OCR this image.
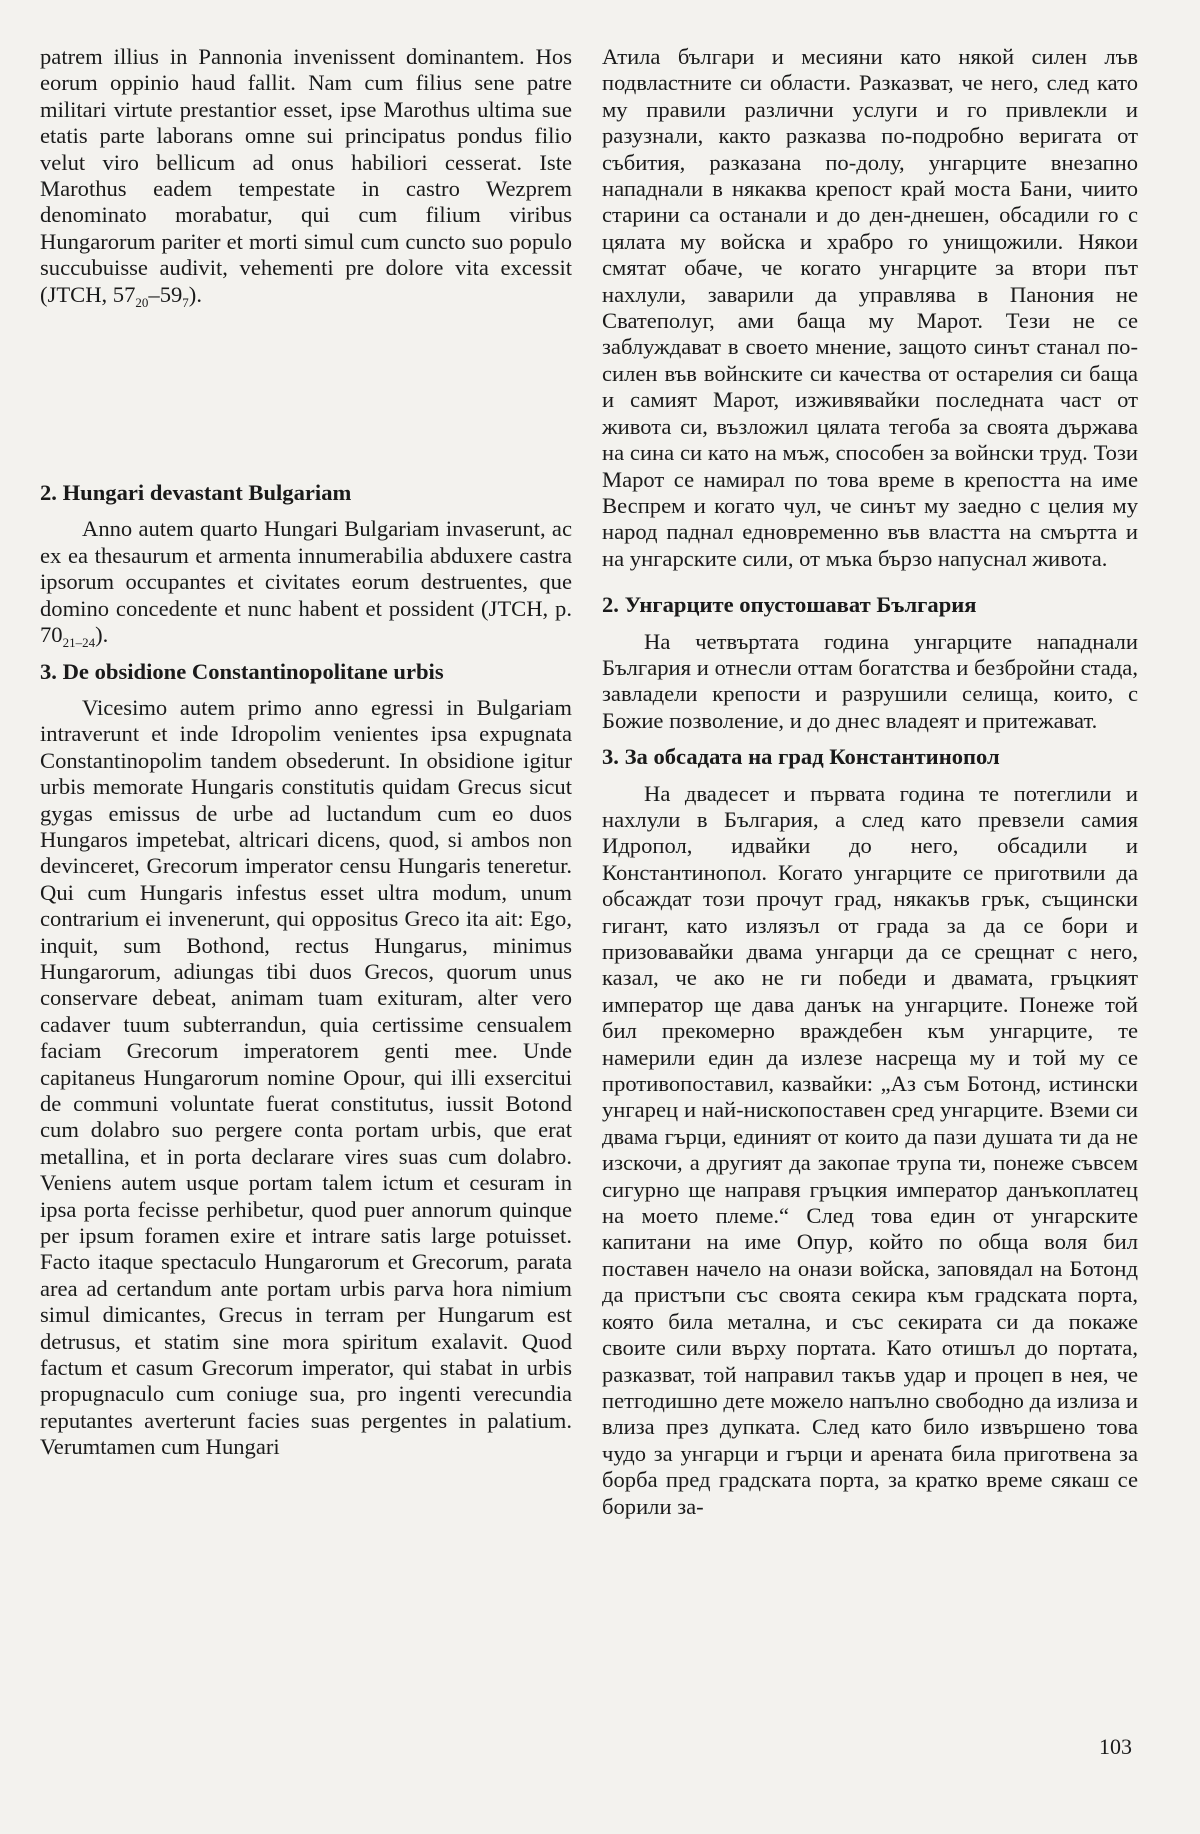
patrem illius in Pannonia invenissent dominantem. Hos eorum oppinio haud fallit. Nam cum filius sene patre militari virtute prestantior esset, ipse Marothus ultima sue etatis parte laborans omne sui principatus pondus filio velut viro bellicum ad onus habiliori cesserat. Iste Marothus eadem tempestate in castro Wezprem denominato morabatur, qui cum filium viribus Hungarorum pariter et morti simul cum cuncto suo populo succubuisse audivit, vehementi pre dolore vita excessit (JTCH, $57_{20}-59_7$).

2. Hungari devastant Bulgariam

Anno autem quarto Hungari Bulgariam invaserunt, ac ex ea thesaurum et armenta innumerabilia abduxere castra ipsorum occupantes et civitates eorum destruentes, que domino concedente et nunc habent et possident (JTCH, p. $70_{21-24}$).

3. De obsidione Constantinopolitane urbis

Vicesimo autem primo anno egressi in Bulgariam intraverunt et inde Idropolim venientes ipsa expugnata Constantinopolim tandem obsederunt. In obsidione igitur urbis memorate Hungaris constitutis quidam Grecus sicut gygas emissus de urbe ad luctandum cum eo duos Hungaros impetebat, altricari dicens, quod, si ambos non devinceret, Grecorum imperator censu Hungaris teneretur. Qui cum Hungaris infestus esset ultra modum, unum contrarium ei invenerunt, qui oppositus Greco ita ait: Ego, inquit, sum Bothond, rectus Hungarus, minimus Hungarorum, adiungas tibi duos Grecos, quorum unus conservare debeat, animam tuam exituram, alter vero cadaver tuum subterrandun, quia certissime censualem faciam Grecorum imperatorem genti mee. Unde capitaneus Hungarorum nomine Opour, qui illi exsercitui de communi voluntate fuerat constitutus, iussit Botond cum dolabro suo pergere conta portam urbis, que erat metallina, et in porta declarare vires suas cum dolabro. Veniens autem usque portam talem ictum et cesuram in ipsa porta fecisse perhibetur, quod puer annorum quinque per ipsum foramen exire et intrare satis large potuisset. Facto itaque spectaculo Hungarorum et Grecorum, parata area ad certandum ante portam urbis parva hora nimium simul dimicantes, Grecus in terram per Hungarum est detrusus, et statim sine mora spiritum exalavit. Quod factum et casum Grecorum imperator, qui stabat in urbis propugnaculo cum coniuge sua, pro ingenti verecundia reputantes averterunt facies suas pergentes in palatium. Verumtamen cum Hungari

Атила българи и месияни като някой силен лъв подвластните си области. Разказват, че него, след като му правили различни услуги и го привлекли и разузнали, както разказва по-подробно веригата от събития, разказана по-долу, унгарците внезапно нападнали в някаква крепост край моста Бани, чиито старини са останали и до ден-днешен, обсадили го с цялата му войска и храбро го унищожили. Някои смятат обаче, че когато унгарците за втори път нахлули, заварили да управлява в Панония не Сватеполуг, ами баща му Марот. Тези не се заблуждават в своето мнение, защото синът станал по-силен във войнските си качества от остарелия си баща и самият Марот, изживявайки последната част от живота си, възложил цялата тегоба за своята държава на сина си като на мъж, способен за войнски труд. Този Марот се намирал по това време в крепостта на име Веспрем и когато чул, че синът му заедно с целия му народ паднал едновременно във властта на смъртта и на унгарските сили, от мъка бързо напуснал живота.

2. Унгарците опустошават България

На четвъртата година унгарците нападнали България и отнесли оттам богатства и безбройни стада, завладели крепости и разрушили селища, които, с Божие позволение, и до днес владеят и притежават.

3. За обсадата на град Константинопол

На двадесет и първата година те потеглили и нахлули в България, а след като превзели самия Идропол, идвайки до него, обсадили и Константинопол. Когато унгарците се приготвили да обсаждат този прочут град, някакъв грък, същински гигант, като излязъл от града за да се бори и призовавайки двама унгарци да се срещнат с него, казал, че ако не ги победи и двамата, гръцкият император ще дава данък на унгарците. Понеже той бил прекомерно враждебен към унгарците, те намерили един да излезе насреща му и той му се противопоставил, казвайки: „Аз съм Ботонд, истински унгарец и най-нископоставен сред унгарците. Вземи си двама гърци, единият от които да пази душата ти да не изскочи, а другият да закопае трупа ти, понеже съвсем сигурно ще направя гръцкия император данъкоплатец на моето племе.“ След това един от унгарските капитани на име Опур, който по обща воля бил поставен начело на онази войска, заповядал на Ботонд да пристъпи със своята секира към градската порта, която била метална, и със секирата си да покаже своите сили върху портата. Като отишъл до портата, разказват, той направил такъв удар и процеп в нея, че петгодишно дете можело напълно свободно да излиза и влиза през дупката. След като било извършено това чудо за унгарци и гърци и арената била приготвена за борба пред градската порта, за кратко време сякаш се борили за-

103
